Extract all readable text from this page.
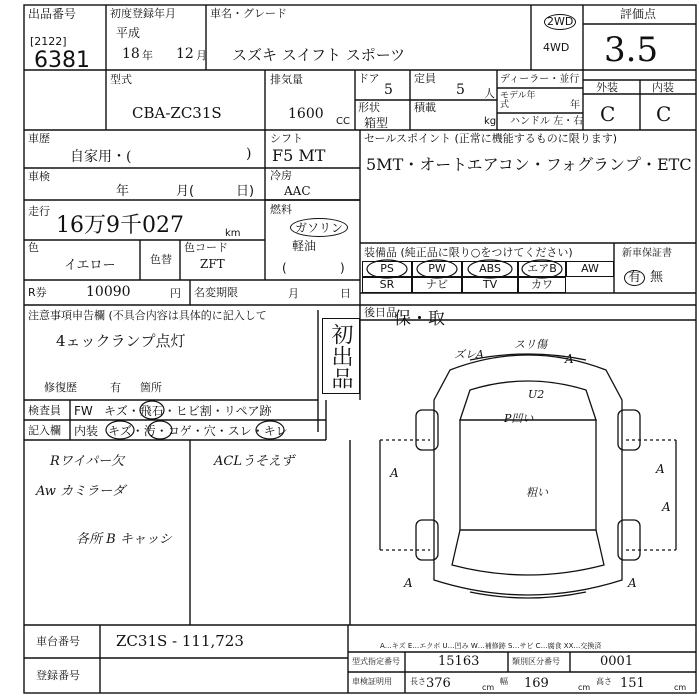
出品番号
[2122]
6381
初度登録年月
平成
18 年 12 月
車名・グレード
スズキ スイフト スポーツ
2WD
4WD
評価点
3.5
外装	内装
C C
型式
CBA-ZC31S
排気量
1600 CC
ドア
5
定員
5 人
ディーラー・並行
モデル年式	年
ハンドル 左・右
形状
箱型
積載
kg
車歴
自家用・(	)
車検
年	月(	日)
走行
16万9千027	km
色
イエロー	色替
色コード
ZFT
シフト
F5 MT
冷房
AAC
燃料
ガソリン
軽油
(	)
R券	10090	円 名変期限	月	日
セールスポイント (正常に機能するものに限ります)
5MT・オートエアコン・フォグランプ・ETC
装備品 (純正品に限り○をつけてください)
PS	PW	ABS	エアB	AW
SR	ナビ	TV	カワ
新車保証書
有 無
注意事項申告欄 (不具合内容は具体的に記入して
4ェックランプ点灯
修復歴	有 箇所	初出品
後日品
保・取
検査員
記入欄
FW キズ・飛石・ヒビ割・リペア跡
内装 キズ・汚・コゲ・穴・スレ・キレ
Rワイパー欠
Aw カミラーダ
ACLうそえず
各所 B キャッシ
ズレA
スリ傷
A
U2
P凹い
粗い
A	A
A
A	A
A…キズ E…エクボ U…凹み W…補修跡 S…サビ C…腐食 XX…交換済
車台番号 ZC31S - 111,723
登録番号
型式指定番号	15163	類別区分番号	0001
車検証明用 長さ 376	cm
幅 169	cm
高さ 151	cm
